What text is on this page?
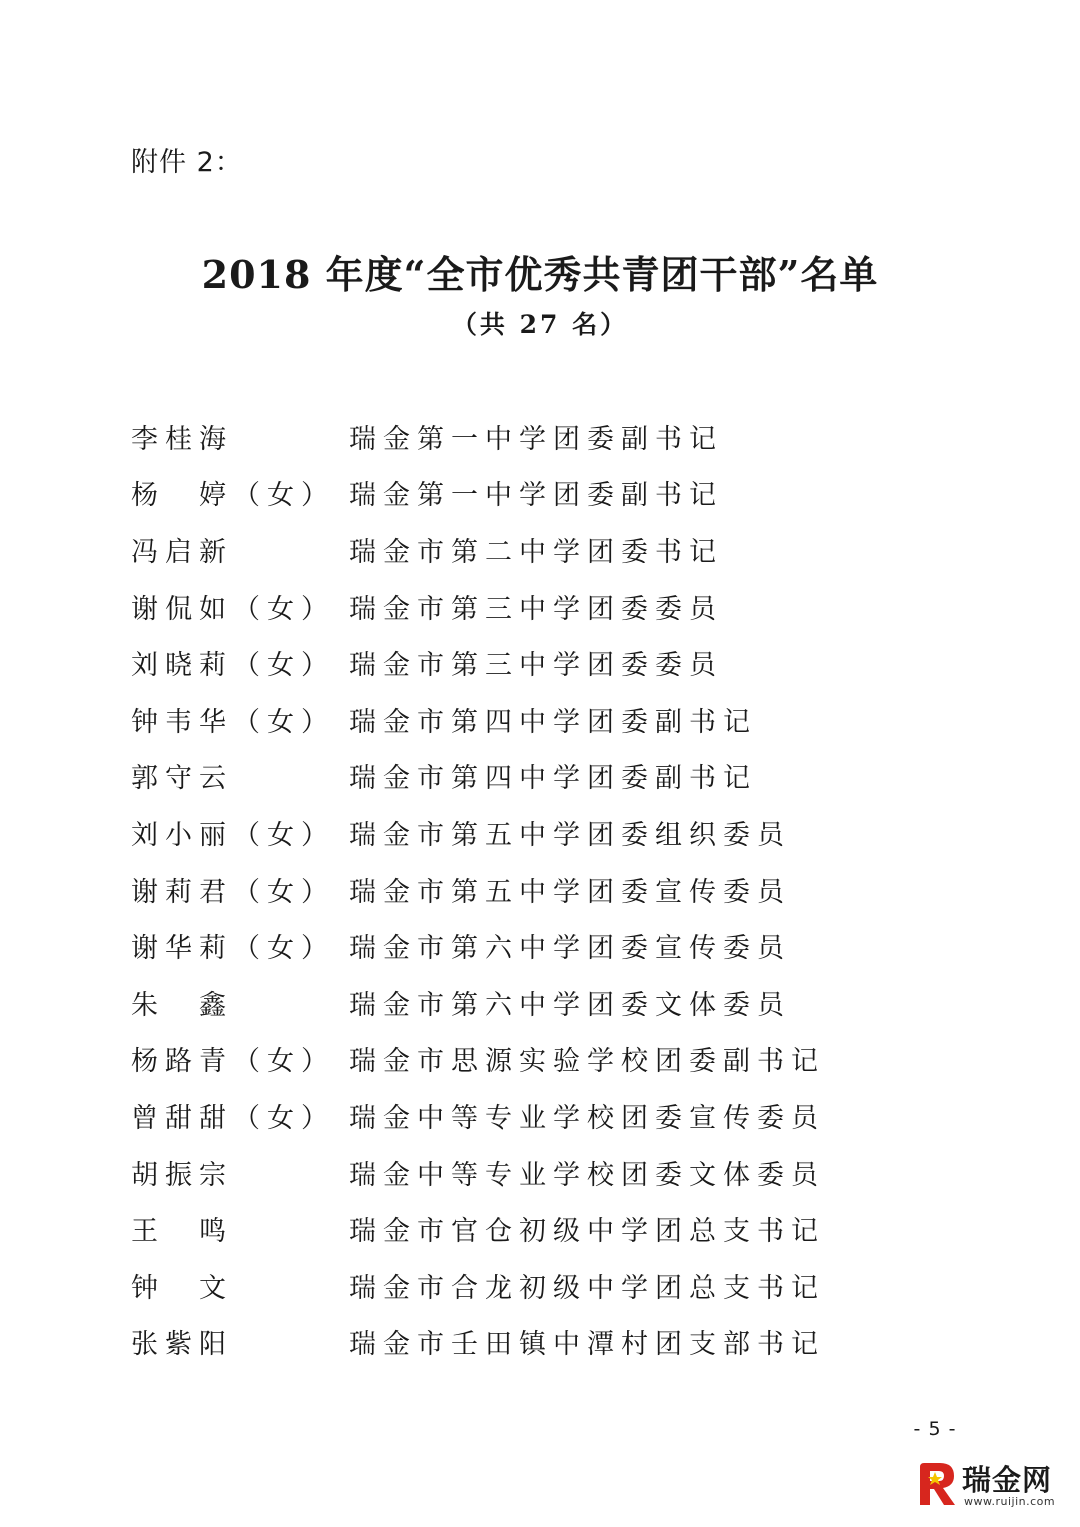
附件 2：
2018 年度“全市优秀共青团干部”名单
（共 27 名）
李桂海	瑞金第一中学团委副书记
杨　婷（女） 瑞金第一中学团委副书记
冯启新	瑞金市第二中学团委书记
谢侃如（女） 瑞金市第三中学团委委员
刘晓莉（女） 瑞金市第三中学团委委员
钟韦华（女） 瑞金市第四中学团委副书记
郭守云	瑞金市第四中学团委副书记
刘小丽（女） 瑞金市第五中学团委组织委员
谢莉君（女） 瑞金市第五中学团委宣传委员
谢华莉（女） 瑞金市第六中学团委宣传委员
朱　鑫	瑞金市第六中学团委文体委员
杨路青（女） 瑞金市思源实验学校团委副书记
曾甜甜（女） 瑞金中等专业学校团委宣传委员
胡振宗	瑞金中等专业学校团委文体委员
王　鸣	瑞金市官仓初级中学团总支书记
钟　文	瑞金市合龙初级中学团总支书记
张紫阳	瑞金市壬田镇中潭村团支部书记
- 5 -
瑞金网
www.ruijin.com
